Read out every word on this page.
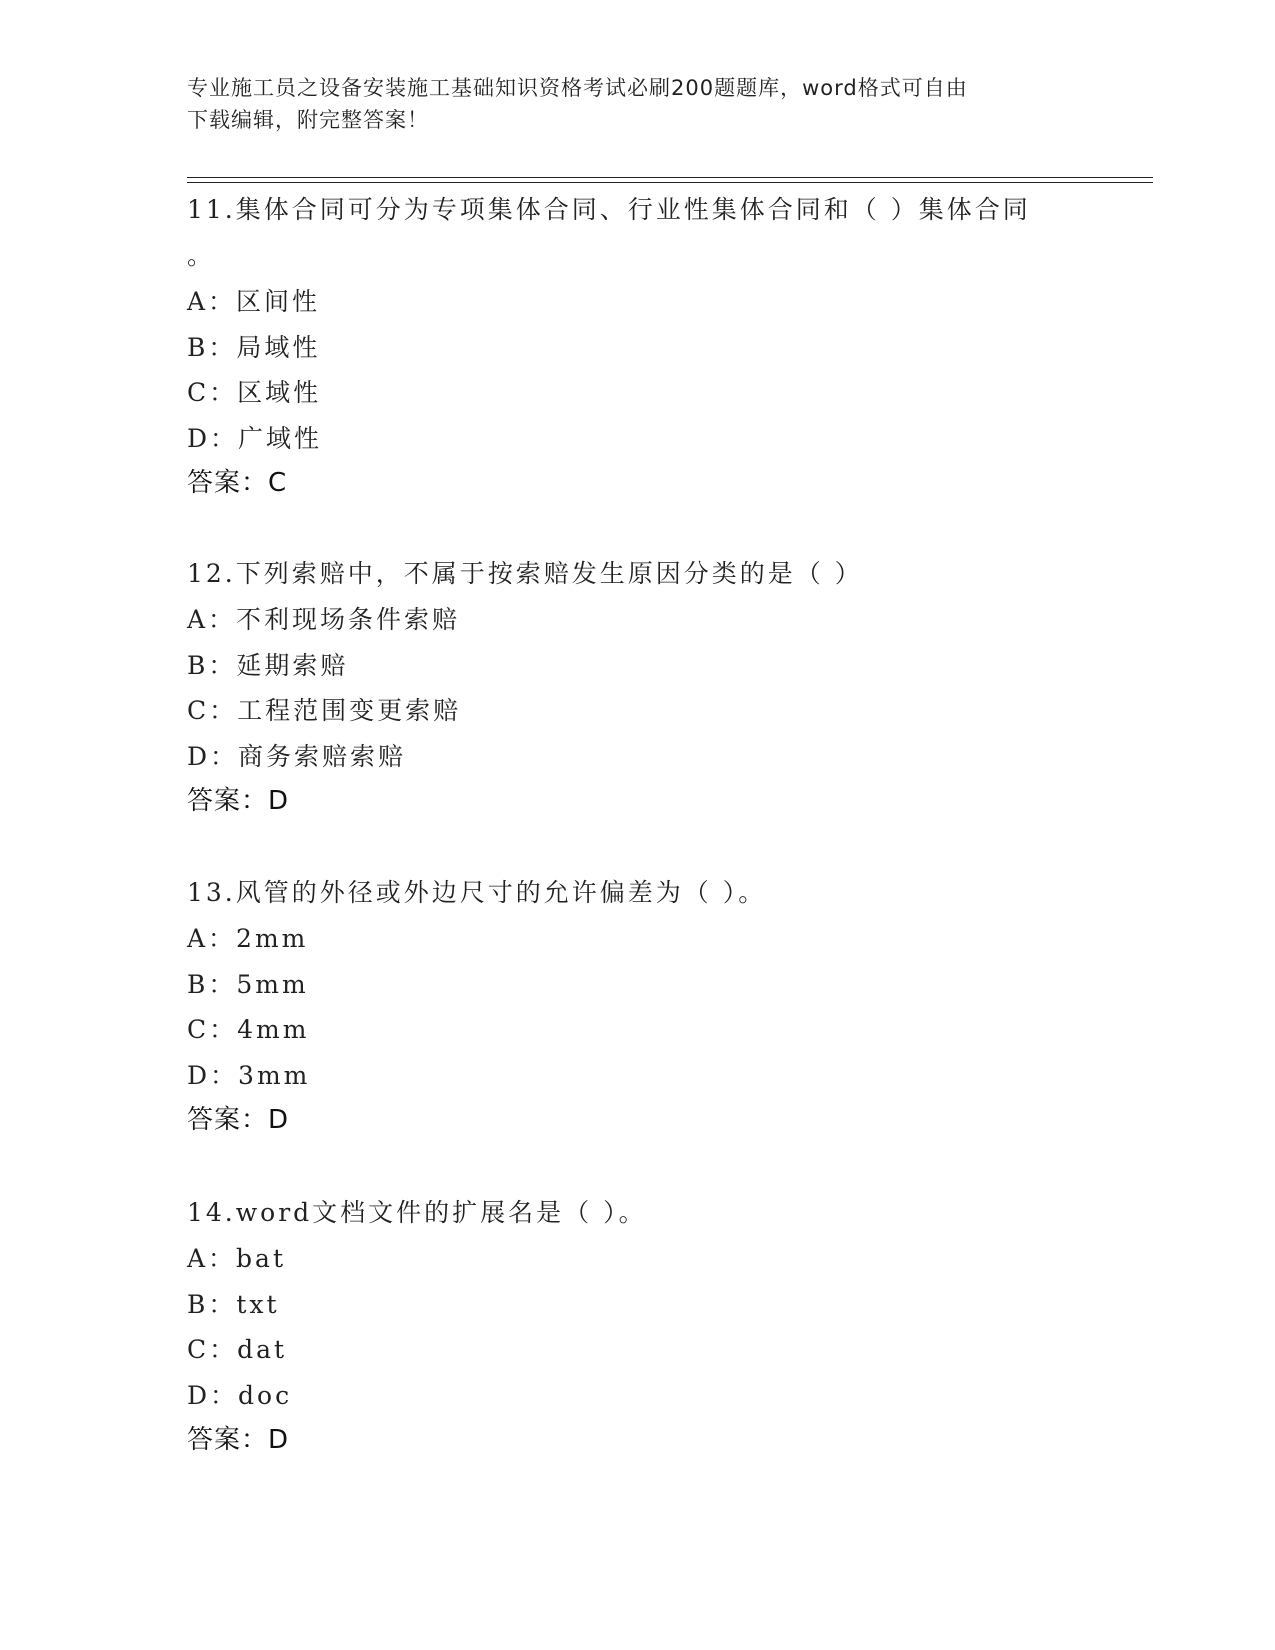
专业施工员之设备安装施工基础知识资格考试必刷200题题库，word格式可自由
下载编辑，附完整答案！

11.集体合同可分为专项集体合同、行业性集体合同和（ ）集体合同

。

A：区间性

B：局域性

C：区域性

D：广域性

答案：C

12.下列索赔中，不属于按索赔发生原因分类的是（ ）

A：不利现场条件索赔

B：延期索赔

C：工程范围变更索赔

D：商务索赔索赔

答案：D

13.风管的外径或外边尺寸的允许偏差为（ ）。

A：2mm

B：5mm

C：4mm

D：3mm

答案：D

14.word文档文件的扩展名是（ ）。

A：bat

B：txt

C：dat

D：doc

答案：D
